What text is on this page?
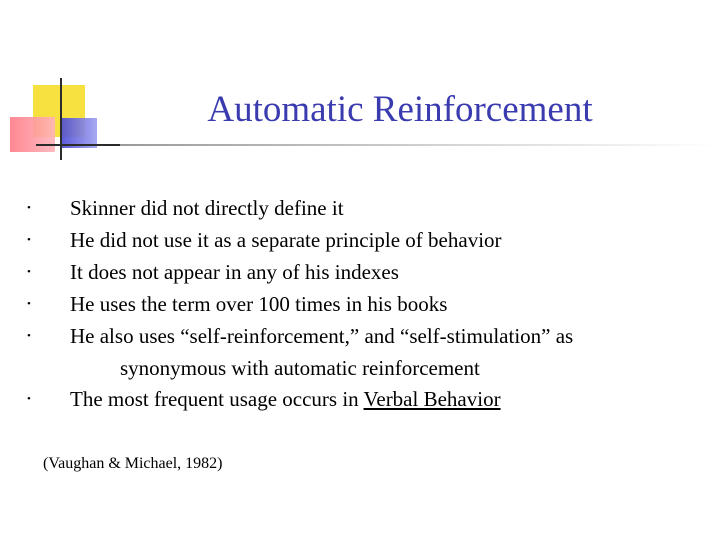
Automatic Reinforcement
• Skinner did not directly define it
• He did not use it as a separate principle of behavior
• It does not appear in any of his indexes
• He uses the term over 100 times in his books
• He also uses “self-reinforcement,” and “self-stimulation” as
synonymous with automatic reinforcement
• The most frequent usage occurs in Verbal Behavior

(Vaughan & Michael, 1982)
